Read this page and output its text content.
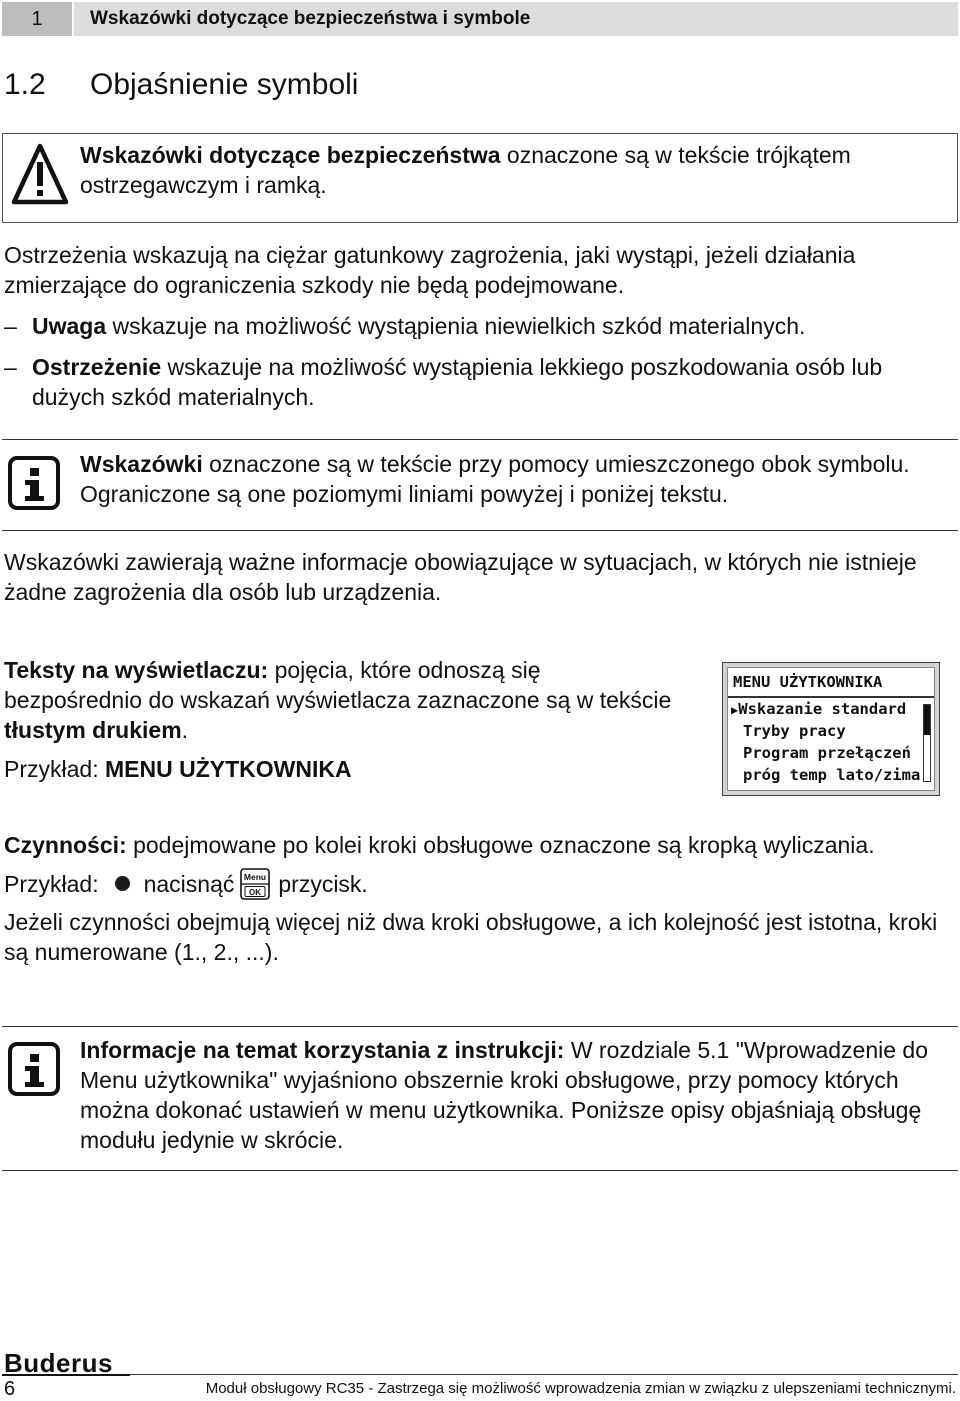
1	Wskazówki dotyczące bezpieczeństwa i symbole
1.2 Objaśnienie symboli
Wskazówki dotyczące bezpieczeństwa oznaczone są w tekście trójkątem ostrzegawczym i ramką.
Ostrzeżenia wskazują na ciężar gatunkowy zagrożenia, jaki wystąpi, jeżeli działania zmierzające do ograniczenia szkody nie będą podejmowane.
– Uwaga wskazuje na możliwość wystąpienia niewielkich szkód materialnych.
– Ostrzeżenie wskazuje na możliwość wystąpienia lekkiego poszkodowania osób lub dużych szkód materialnych.
Wskazówki oznaczone są w tekście przy pomocy umieszczonego obok symbolu. Ograniczone są one poziomymi liniami powyżej i poniżej tekstu.
Wskazówki zawierają ważne informacje obowiązujące w sytuacjach, w których nie istnieje żadne zagrożenia dla osób lub urządzenia.
Teksty na wyświetlaczu: pojęcia, które odnoszą się bezpośrednio do wskazań wyświetlacza zaznaczone są w tekście tłustym drukiem.
Przykład: MENU UŻYTKOWNIKA
MENU UŻYTKOWNIKA
▶Wskazanie standard
Tryby pracy
Program przełączeń
próg temp lato/zima
Czynności: podejmowane po kolei kroki obsługowe oznaczone są kropką wyliczania.
Przykład: nacisnąć Menu
OK przycisk.
Jeżeli czynności obejmują więcej niż dwa kroki obsługowe, a ich kolejność jest istotna, kroki są numerowane (1., 2., ...).
Informacje na temat korzystania z instrukcji: W rozdziale 5.1 "Wprowadzenie do Menu użytkownika" wyjaśniono obszernie kroki obsługowe, przy pomocy których można dokonać ustawień w menu użytkownika. Poniższe opisy objaśniają obsługę modułu jedynie w skrócie.
Buderus
6	Moduł obsługowy RC35 - Zastrzega się możliwość wprowadzenia zmian w związku z ulepszeniami technicznymi.
